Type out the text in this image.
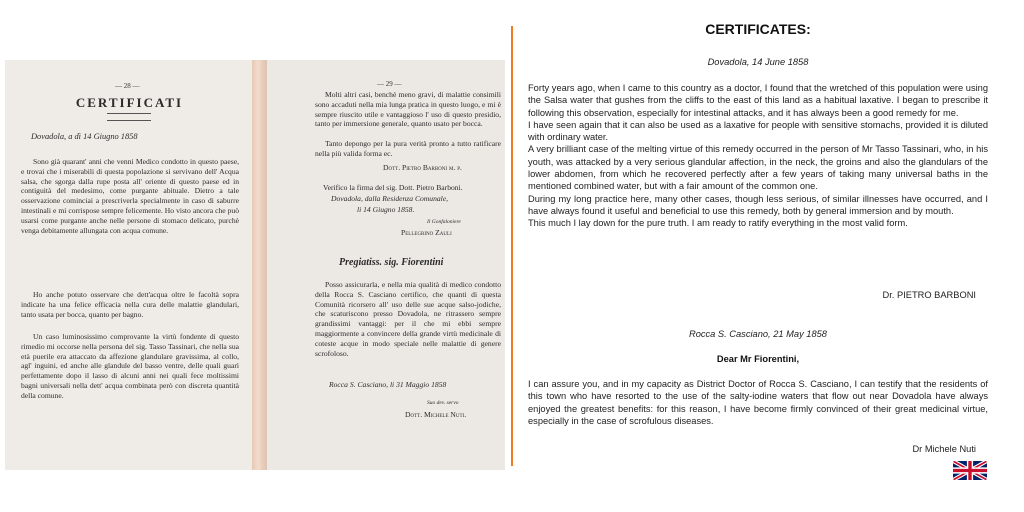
— 28 —
CERTIFICATI
Dovadola, a dì 14 Giugno 1858
Sono già quarant' anni che venni Medico condotto in questo paese, e trovai che i miserabili di questa popolazione si servivano dell' Acqua salsa, che sgorga dalla rupe posta all' oriente di questo paese ed in contiguità del medesimo, come purgante abituale. Dietro a tale osservazione cominciai a prescriverla specialmente in caso di saburre intestinali e mi corrispose sempre felicemente. Ho visto ancora che può usarsi come purgante anche nelle persone di stomaco delicato, purchè venga debitamente allungata con acqua comune.
Ho anche potuto osservare che dett'acqua oltre le facoltà sopra indicate ha una felice efficacia nella cura delle malattie glandulari, tanto usata per bocca, quanto per bagno.
Un caso luminosissimo comprovante la virtù fondente di questo rimedio mi occorse nella persona del sig. Tasso Tassinari, che nella sua età puerile era attaccato da affezione glandulare gravissima, al collo, agl' inguini, ed anche alle glandule del basso ventre, delle quali guarì perfettamente dopo il lasso di alcuni anni nei quali fece moltissimi bagni universali nella dett' acqua combinata però con discreta quantità della comune.
— 29 —
Molti altri casi, benchè meno gravi, di malattie consimili sono accaduti nella mia lunga pratica in questo luogo, e mi è sempre riuscito utile e vantaggioso l' uso di questo presidio, tanto per immersione generale, quanto usato per bocca.
Tanto depongo per la pura verità pronto a tutto ratificare nella più valida forma ec.
Dott. Pietro Barboni m. p.
Verifico la firma del sig. Dott. Pietro Barboni.
Dovadola, dalla Residenza Comunale,
li 14 Giugno 1858.
Il Gonfaloniere
Pellegrino Zauli
Pregiatiss. sig. Fiorentini
Posso assicurarla, e nella mia qualità di medico condotto della Rocca S. Casciano certifico, che quanti di questa Comunità ricorsero all' uso delle sue acque salso-jodiche, che scaturiscono presso Dovadola, ne ritrassero sempre grandissimi vantaggi: per il che mi ebbi sempre maggiormente a convincere della grande virtù medicinale di coteste acque in modo speciale nelle malattie di genere scrofoloso.
Rocca S. Casciano, li 31 Maggio 1858
Suo dev. servo
Dott. Michele Nuti.
CERTIFICATES:
Dovadola, 14 June 1858

Forty years ago, when I came to this country as a doctor, I found that the wretched of this population were using the Salsa water that gushes from the cliffs to the east of this land as a habitual laxative. I began to prescribe it following this observation, especially for intestinal attacks, and it has always been a good remedy for me.

I have seen again that it can also be used as a laxative for people with sensitive stomachs, provided it is diluted with ordinary water.

A very brilliant case of the melting virtue of this remedy occurred in the person of Mr Tasso Tassinari, who, in his youth, was attacked by a very serious glandular affection, in the neck, the groins and also the glandulars of the lower abdomen, from which he recovered perfectly after a few years of taking many universal baths in the mentioned combined water, but with a fair amount of the common one.

During my long practice here, many other cases, though less serious, of similar illnesses have occurred, and I have always found it useful and beneficial to use this remedy, both by general immersion and by mouth.

This much I lay down for the pure truth. I am ready to ratify everything in the most valid form.

Dr. PIETRO BARBONI
Rocca S. Casciano, 21 May 1858
Dear Mr Fiorentini,

I can assure you, and in my capacity as District Doctor of Rocca S. Casciano, I can testify that the residents of this town who have resorted to the use of the salty-iodine waters that flow out near Dovadola have always enjoyed the greatest benefits: for this reason, I have become firmly convinced of their great medicinal virtue, especially in the case of scrofulous diseases.

Dr Michele Nuti
